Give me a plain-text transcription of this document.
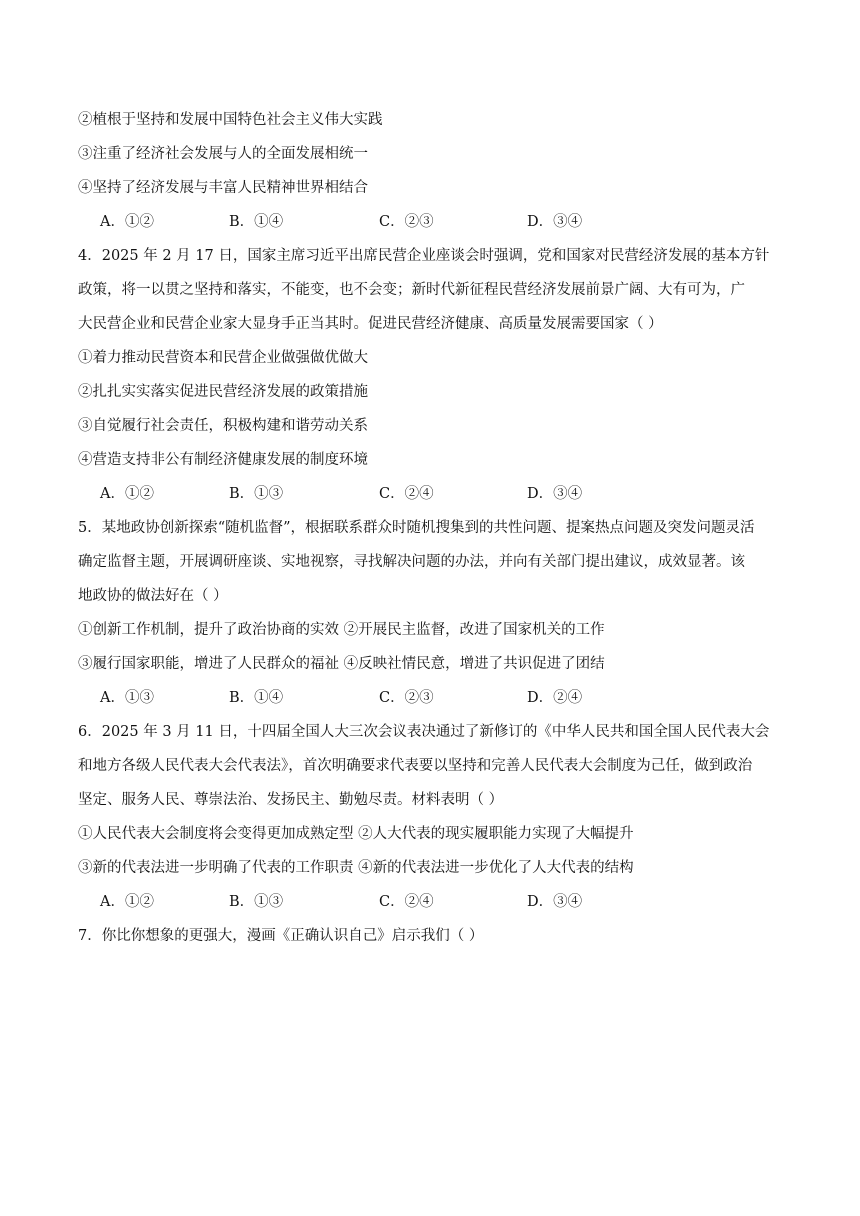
②植根于坚持和发展中国特色社会主义伟大实践
③注重了经济社会发展与人的全面发展相统一
④坚持了经济发展与丰富人民精神世界相结合
A．①②	B．①④	C．②③	D．③④
4．2025 年 2 月 17 日，国家主席习近平出席民营企业座谈会时强调，党和国家对民营经济发展的基本方针
政策，将一以贯之坚持和落实，不能变，也不会变；新时代新征程民营经济发展前景广阔、大有可为，广
大民营企业和民营企业家大显身手正当其时。促进民营经济健康、高质量发展需要国家（ ）
①着力推动民营资本和民营企业做强做优做大
②扎扎实实落实促进民营经济发展的政策措施
③自觉履行社会责任，积极构建和谐劳动关系
④营造支持非公有制经济健康发展的制度环境
A．①②	B．①③	C．②④	D．③④
5．某地政协创新探索“随机监督”，根据联系群众时随机搜集到的共性问题、提案热点问题及突发问题灵活
确定监督主题，开展调研座谈、实地视察，寻找解决问题的办法，并向有关部门提出建议，成效显著。该
地政协的做法好在（ ）
①创新工作机制，提升了政治协商的实效 ②开展民主监督，改进了国家机关的工作
③履行国家职能，增进了人民群众的福祉 ④反映社情民意，增进了共识促进了团结
A．①③	B．①④	C．②③	D．②④
6．2025 年 3 月 11 日，十四届全国人大三次会议表决通过了新修订的《中华人民共和国全国人民代表大会
和地方各级人民代表大会代表法》，首次明确要求代表要以坚持和完善人民代表大会制度为己任，做到政治
坚定、服务人民、尊崇法治、发扬民主、勤勉尽责。材料表明（ ）
①人民代表大会制度将会变得更加成熟定型 ②人大代表的现实履职能力实现了大幅提升
③新的代表法进一步明确了代表的工作职责 ④新的代表法进一步优化了人大代表的结构
A．①②	B．①③	C．②④	D．③④
7．你比你想象的更强大，漫画《正确认识自己》启示我们（ ）
